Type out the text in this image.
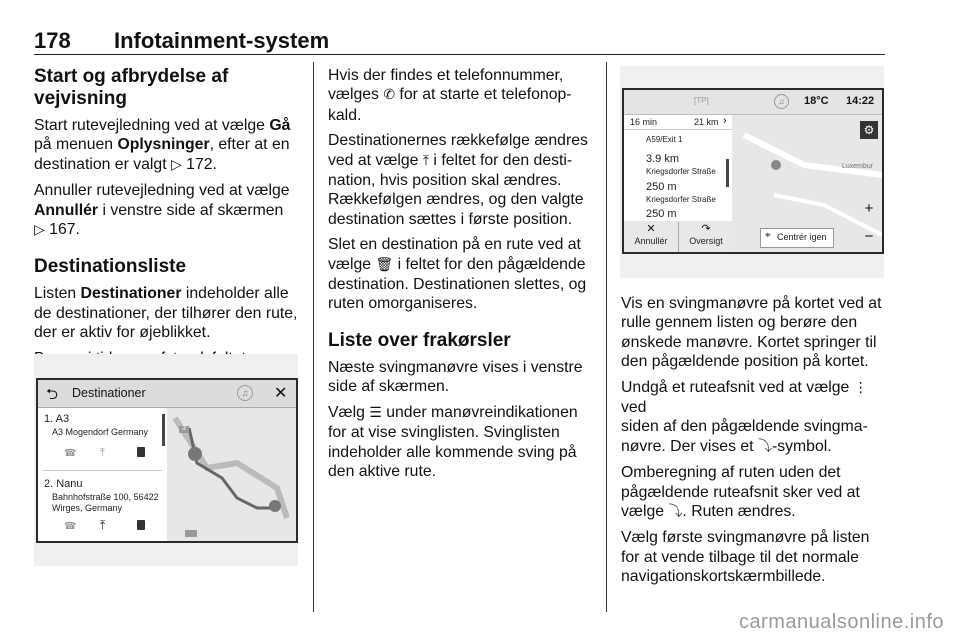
178 Infotainment-system
Start og afbrydelse af vejvisning

Start rutevejledning ved at vælge Gå
på menuen Oplysninger, efter at en
destination er valgt ▷ 172.

Annuller rutevejledning ved at vælge
Annullér i venstre side af skærmen
▷ 167.

Destinationsliste

Listen Destinationer indeholder alle
de destinationer, der tilhører den rute,
der er aktiv for øjeblikket.

⮌ Destinationer	♫ ✕
1. A3
A3 Mogendorf Germany
☎ ⤒
2. Nanu
Bahnhofstraße 100, 56422
Wirges, Germany
☎ ⤒
3

Hvis der findes et telefonnummer,
vælges ✆ for at starte et telefonop-
kald.

Destinationernes rækkefølge ændres
ved at vælge ⤒ i feltet for den desti-
nation, hvis position skal ændres.
Rækkefølgen ændres, og den valgte
destination sættes i første position.

Slet en destination på en rute ved at
vælge 🗑 i feltet for den pågældende
destination. Destinationen slettes, og
ruten omorganiseres.

Liste over frakørsler

Næste svingmanøvre vises i venstre
side af skærmen.

Vælg ☰ under manøvreindikationen
for at vise svinglisten. Svinglisten
indeholder alle kommende sving på
den aktive rute.

[TP]	♫	18°C 14:22
Luxembur
⚙
+
−
16 min	21 km ›
A59/Exit 1
3.9 km
Kriegsdorfer Straße
250 m
Kriegsdorfer Straße
250 m
✕
Annullér
↷
Oversigt	⌖ Centrér igen

Vis en svingmanøvre på kortet ved at
rulle gennem listen og berøre den
ønskede manøvre. Kortet springer til
den pågældende position på kortet.

Undgå et ruteafsnit ved at vælge ⋮ ved
siden af den pågældende svingma-
nøvre. Der vises et ⤵-symbol.

Omberegning af ruten uden det
pågældende ruteafsnit sker ved at
vælge ⤵. Ruten ændres.

Vælg første svingmanøvre på listen
for at vende tilbage til det normale
navigationskortskærmbillede.

carmanualsonline.info
